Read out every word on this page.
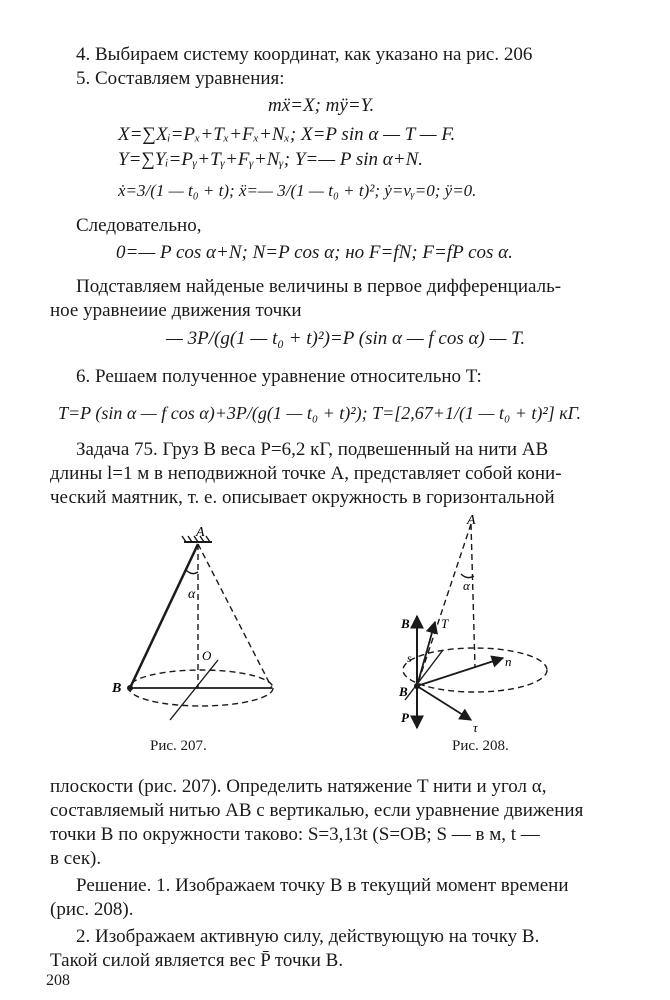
4. Выбираем систему координат, как указано на рис. 206
5. Составляем уравнения:
mẍ=X; mÿ=Y.
X=∑Xᵢ=Pₓ+Tₓ+Fₓ+Nₓ; X=P sin α — T — F.
Y=∑Yᵢ=Pᵧ+Tᵧ+Fᵧ+Nᵧ; Y=— P sin α+N.
ẋ=3/(1 — t₀ + t); ẍ=— 3/(1 — t₀ + t)²; ẏ=vᵧ=0; ÿ=0.
Следовательно,
0=— P cos α+N; N=P cos α; но F=fN; F=fP cos α.
Подставляем найденые величины в первое дифференциаль-
ное уравнеиие движения точки
— 3P/(g(1 — t₀ + t)²)=P (sin α — f cos α) — T.
6. Решаем полученное уравнение относительно T:
T=P (sin α — f cos α)+3P/(g(1 — t₀ + t)²); T=[2,67+1/(1 — t₀ + t)²] кГ.
Задача 75. Груз B веса P=6,2 кГ, подвешенный на нити AB
длины l=1 м в неподвижной точке A, представляет собой кони-
ческий маятник, т. е. описывает окружность в горизонтальной
A
α
O
B
Рис. 207.
A
α
B T
n
s
B
P
τ
Рис. 208.
плоскости (рис. 207). Определить натяжение T нити и угол α,
составляемый нитью AB с вертикалью, если уравнение движения
точки B по окружности таково: S=3,13t (S=OB; S — в м, t —
в сек).
Решение. 1. Изображаем точку B в текущий момент времени
(рис. 208).
2. Изображаем активную силу, действующую на точку B.
Такой силой является вес P̄ точки B.
208
